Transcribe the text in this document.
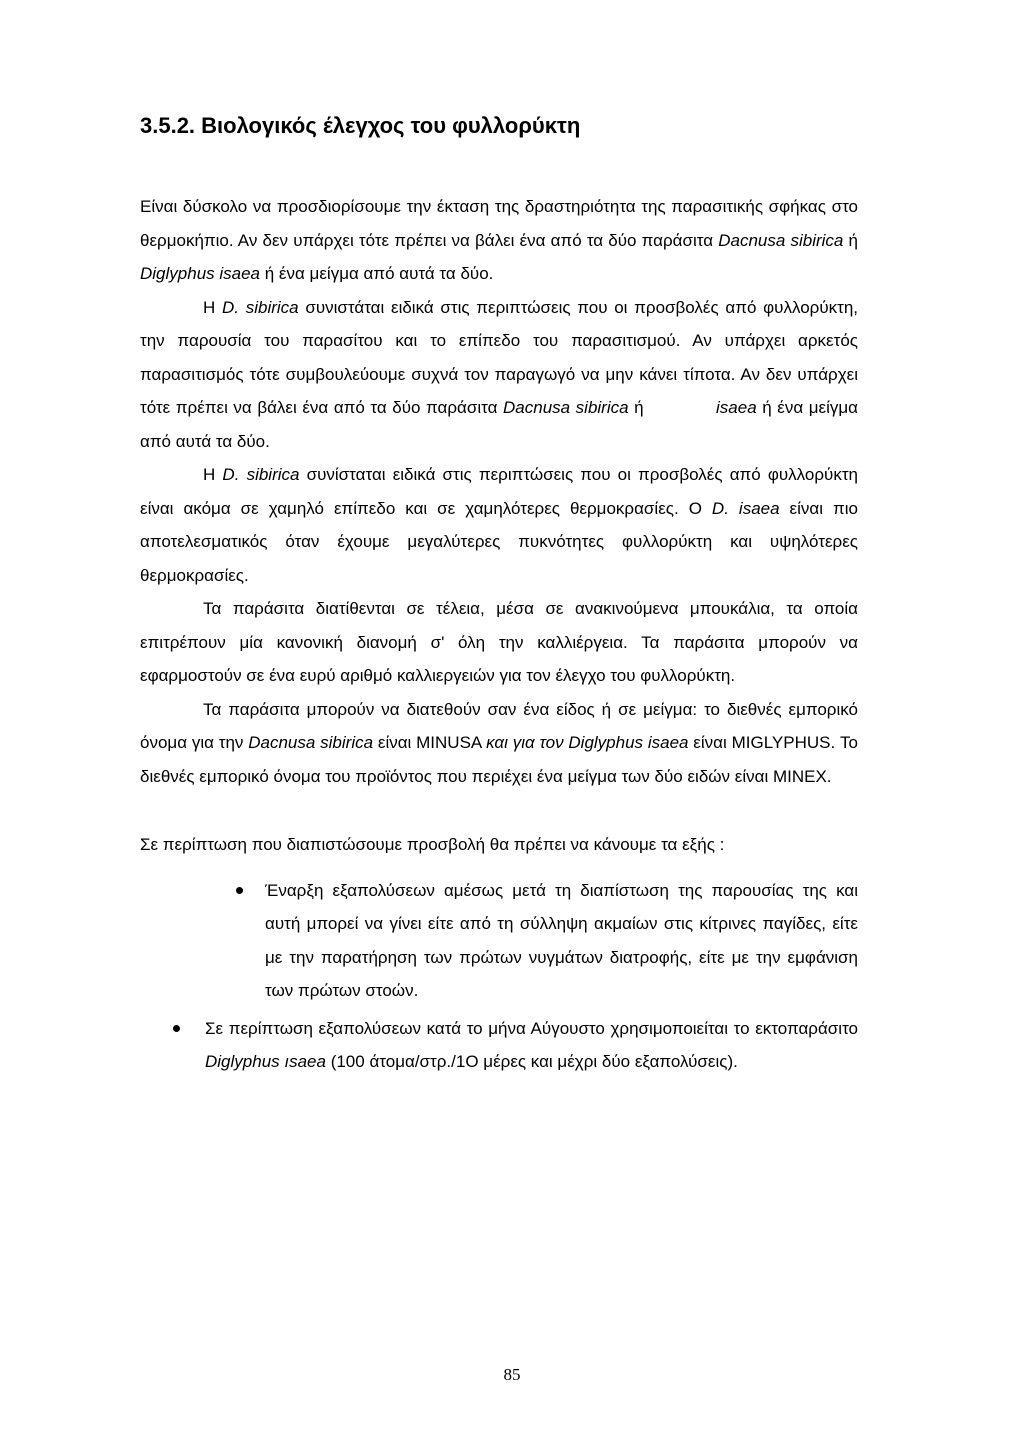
3.5.2. Βιολογικός έλεγχος του φυλλορύκτη

Είναι δύσκολο να προσδιορίσουμε την έκταση της δραστηριότητα της παρασιτικής σφήκας στο θερμοκήπιο. Αν δεν υπάρχει τότε πρέπει να βάλει ένα από τα δύο παράσιτα Dacnusa sibirica ή Diglyphus isaea ή ένα μείγμα από αυτά τα δύο.

Η D. sibirica συνιστάται ειδικά στις περιπτώσεις που οι προσβολές από φυλλορύκτη, την παρουσία του παρασίτου και το επίπεδο του παρασιτισμού. Αν υπάρχει αρκετός παρασιτισμός τότε συμβουλεύουμε συχνά τον παραγωγό να μην κάνει τίποτα. Αν δεν υπάρχει τότε πρέπει να βάλει ένα από τα δύο παράσιτα Dacnusa sibirica ή             isaea ή ένα μείγμα από αυτά τα δύο.

Η D. sibirica συνίσταται ειδικά στις περιπτώσεις που οι προσβολές από φυλλορύκτη είναι ακόμα σε χαμηλό επίπεδο και σε χαμηλότερες θερμοκρασίες. Ο D. isaea είναι πιο αποτελεσματικός όταν έχουμε μεγαλύτερες πυκνότητες φυλλορύκτη και υψηλότερες θερμοκρασίες.

Τα παράσιτα διατίθενται σε τέλεια, μέσα σε ανακινούμενα μπουκάλια, τα οποία επιτρέπουν μία κανονική διανομή σ' όλη την καλλιέργεια. Τα παράσιτα μπορούν να εφαρμοστούν σε ένα ευρύ αριθμό καλλιεργειών για τον έλεγχο του φυλλορύκτη.

Τα παράσιτα μπορούν να διατεθούν σαν ένα είδος ή σε μείγμα: το διεθνές εμπορικό όνομα για την Dacnusa sibirica είναι MINUSA και για τον Diglyphus isaea είναι MIGLYPHUS. Το διεθνές εμπορικό όνομα του προϊόντος που περιέχει ένα μείγμα των δύο ειδών είναι MINEX.

Σε περίπτωση που διαπιστώσουμε προσβολή θα πρέπει να κάνουμε τα εξής :

Έναρξη εξαπολύσεων αμέσως μετά τη διαπίστωση της παρουσίας της και αυτή μπορεί να γίνει είτε από τη σύλληψη ακμαίων στις κίτρινες παγίδες, είτε με την παρατήρηση των πρώτων νυγμάτων διατροφής, είτε με την εμφάνιση των πρώτων στοών.
Σε περίπτωση εξαπολύσεων κατά το μήνα Αύγουστο χρησιμοποιείται το εκτοπαράσιτο Diglyphus ısaea (100 άτομα/στρ./1O μέρες και μέχρι δύο εξαπολύσεις).
85
